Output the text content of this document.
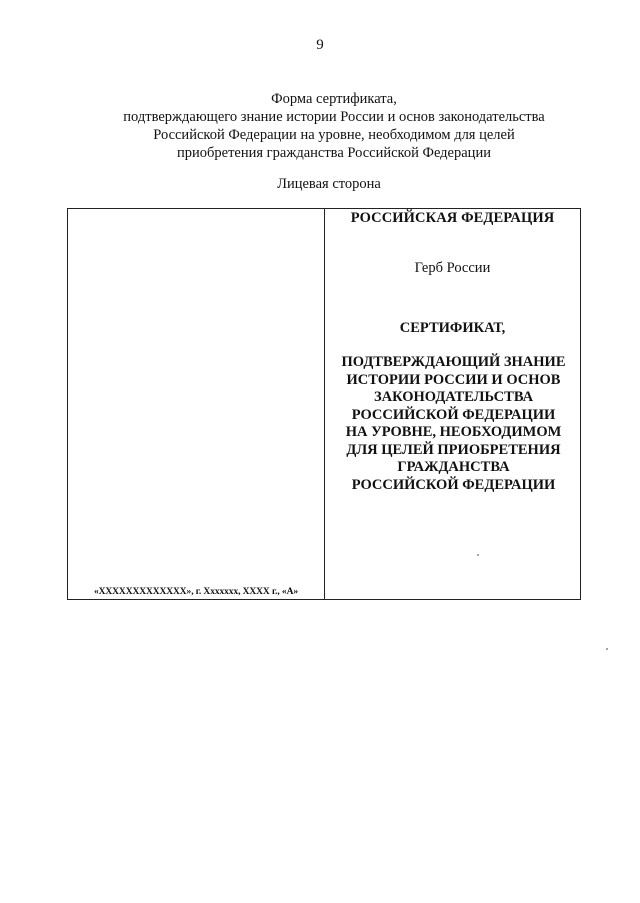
9
Форма сертификата,
подтверждающего знание истории России и основ законодательства
Российской Федерации на уровне, необходимом для целей
приобретения гражданства Российской Федерации
Лицевая сторона
«ХХХХХХХХХХХХХ», г. Хxxxxxx, ХХХХ г., «А»
РОССИЙСКАЯ ФЕДЕРАЦИЯ
Герб России
СЕРТИФИКАТ,
ПОДТВЕРЖДАЮЩИЙ ЗНАНИЕ
ИСТОРИИ РОССИИ И ОСНОВ
ЗАКОНОДАТЕЛЬСТВА
РОССИЙСКОЙ ФЕДЕРАЦИИ
НА УРОВНЕ, НЕОБХОДИМОМ
ДЛЯ ЦЕЛЕЙ ПРИОБРЕТЕНИЯ
ГРАЖДАНСТВА
РОССИЙСКОЙ ФЕДЕРАЦИИ
